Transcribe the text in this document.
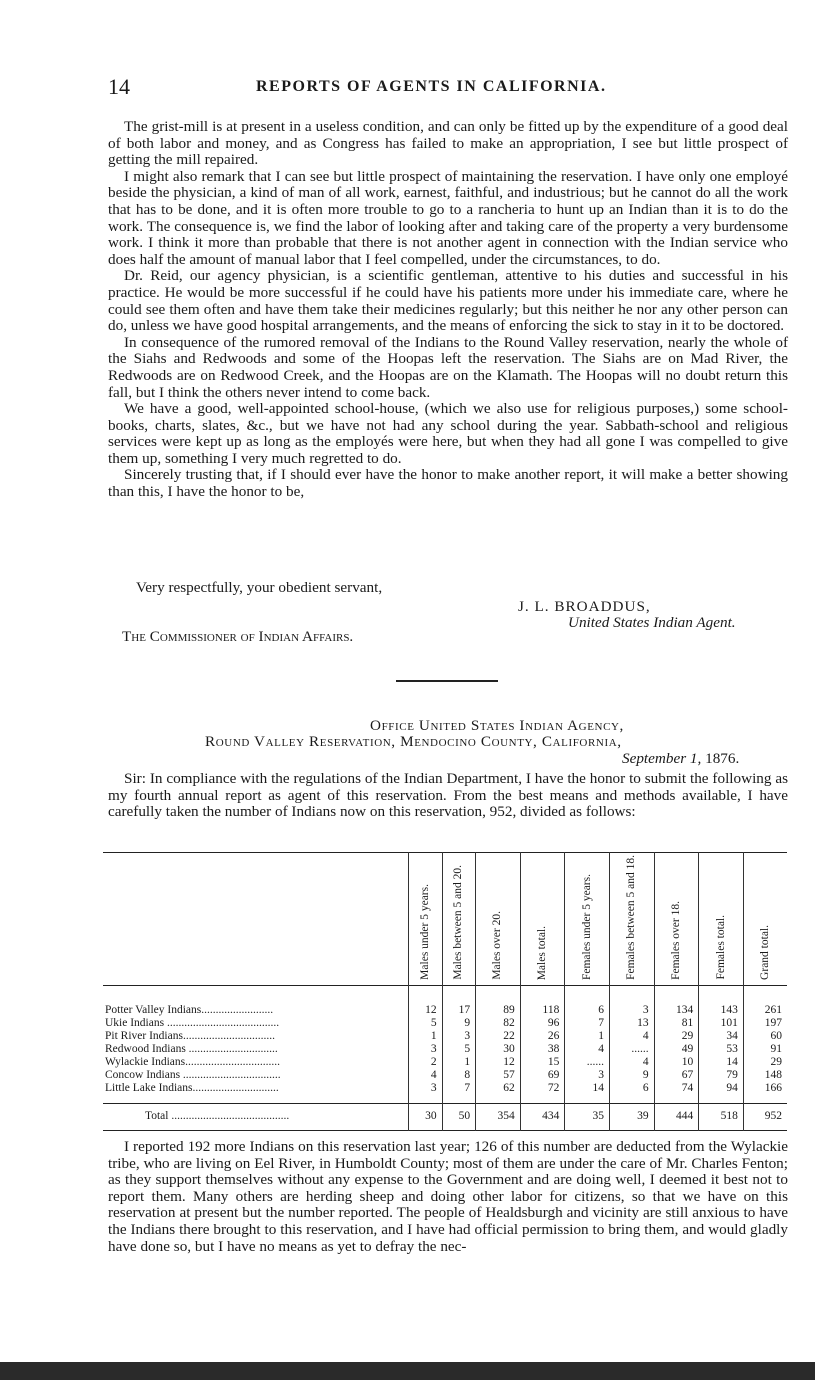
14	REPORTS OF AGENTS IN CALIFORNIA.

The grist-mill is at present in a useless condition, and can only be fitted up by the expenditure of a good deal of both labor and money, and as Congress has failed to make an appropriation, I see but little prospect of getting the mill repaired.

I might also remark that I can see but little prospect of maintaining the reservation. I have only one employé beside the physician, a kind of man of all work, earnest, faithful, and industrious; but he cannot do all the work that has to be done, and it is often more trouble to go to a rancheria to hunt up an Indian than it is to do the work. The consequence is, we find the labor of looking after and taking care of the property a very burdensome work. I think it more than probable that there is not another agent in connection with the Indian service who does half the amount of manual labor that I feel compelled, under the circumstances, to do.

Dr. Reid, our agency physician, is a scientific gentleman, attentive to his duties and successful in his practice. He would be more successful if he could have his patients more under his immediate care, where he could see them often and have them take their medicines regularly; but this neither he nor any other person can do, unless we have good hospital arrangements, and the means of enforcing the sick to stay in it to be doctored.

In consequence of the rumored removal of the Indians to the Round Valley reservation, nearly the whole of the Siahs and Redwoods and some of the Hoopas left the reservation. The Siahs are on Mad River, the Redwoods are on Redwood Creek, and the Hoopas are on the Klamath. The Hoopas will no doubt return this fall, but I think the others never intend to come back.

We have a good, well-appointed school-house, (which we also use for religious purposes,) some school-books, charts, slates, &c., but we have not had any school during the year. Sabbath-school and religious services were kept up as long as the employés were here, but when they had all gone I was compelled to give them up, something I very much regretted to do.

Sincerely trusting that, if I should ever have the honor to make another report, it will make a better showing than this, I have the honor to be,

Very respectfully, your obedient servant,
J. L. BROADDUS,
United States Indian Agent.
The Commissioner of Indian Affairs.
Office United States Indian Agency,
Round Valley Reservation, Mendocino County, California,
September 1, 1876.

Sir: In compliance with the regulations of the Indian Department, I have the honor to submit the following as my fourth annual report as agent of this reservation. From the best means and methods available, I have carefully taken the number of Indians now on this reservation, 952, divided as follows:

	Males under 5 years.	Males between 5 and 20.	Males over 20.	Males total.	Females under 5 years.	Females between 5 and 18.	Females over 18.	Females total.	Grand total.
Potter Valley Indians.........................	12	17	89	118	6	3	134	143	261
Ukie Indians .......................................	5	9	82	96	7	13	81	101	197
Pit River Indians................................	1	3	22	26	1	4	29	34	60
Redwood Indians ...............................	3	5	30	38	4	......	49	53	91
Wylackie Indians.................................	2	1	12	15	......	4	10	14	29
Concow Indians ..................................	4	8	57	69	3	9	67	79	148
Little Lake Indians..............................	3	7	62	72	14	6	74	94	166
Total .........................................	30	50	354	434	35	39	444	518	952

I reported 192 more Indians on this reservation last year; 126 of this number are deducted from the Wylackie tribe, who are living on Eel River, in Humboldt County; most of them are under the care of Mr. Charles Fenton; as they support themselves without any expense to the Government and are doing well, I deemed it best not to report them. Many others are herding sheep and doing other labor for citizens, so that we have on this reservation at present but the number reported. The people of Healdsburgh and vicinity are still anxious to have the Indians there brought to this reservation, and I have had official permission to bring them, and would gladly have done so, but I have no means as yet to defray the nec-
